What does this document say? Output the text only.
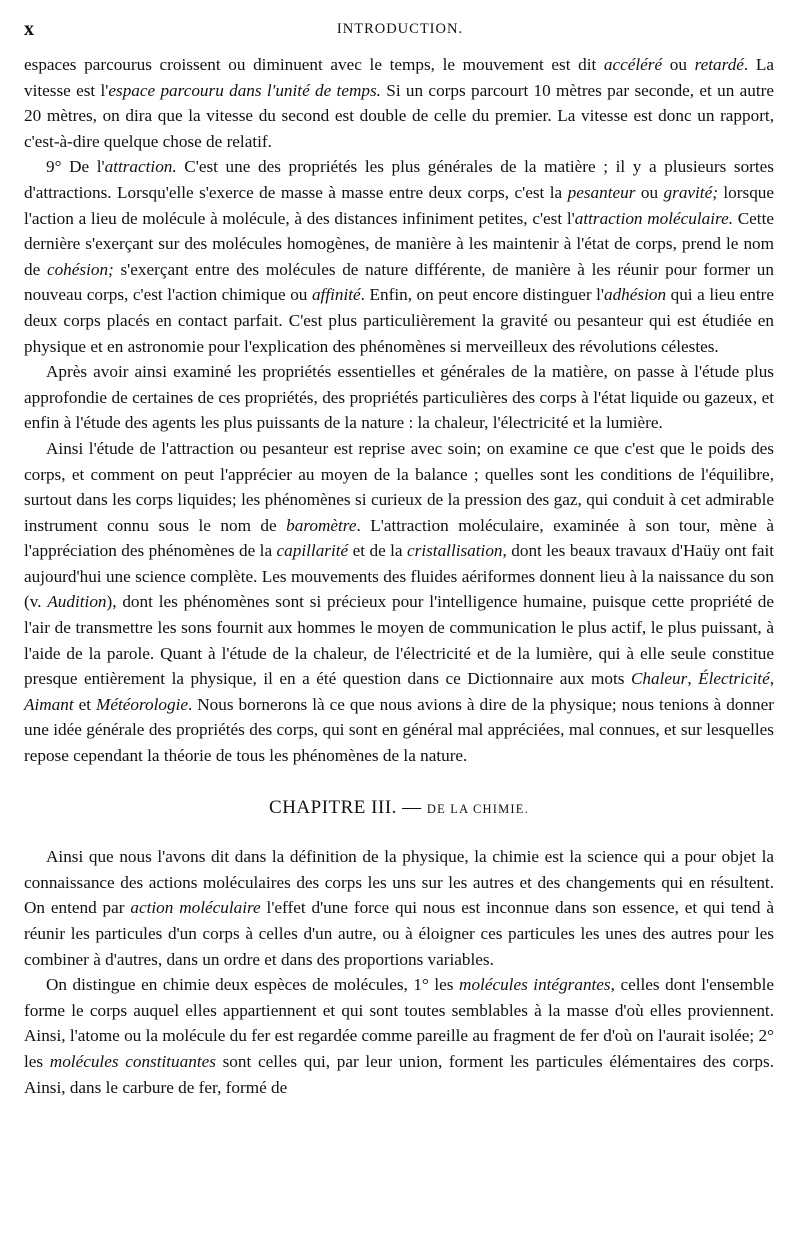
x	INTRODUCTION.

espaces parcourus croissent ou diminuent avec le temps, le mouvement est dit accéléré ou retardé. La vitesse est l'espace parcouru dans l'unité de temps. Si un corps parcourt 10 mètres par seconde, et un autre 20 mètres, on dira que la vitesse du second est double de celle du premier. La vitesse est donc un rapport, c'est-à-dire quelque chose de relatif.

9° De l'attraction. C'est une des propriétés les plus générales de la matière ; il y a plusieurs sortes d'attractions. Lorsqu'elle s'exerce de masse à masse entre deux corps, c'est la pesanteur ou gravité; lorsque l'action a lieu de molécule à molécule, à des distances infiniment petites, c'est l'attraction moléculaire. Cette dernière s'exerçant sur des molécules homogènes, de manière à les maintenir à l'état de corps, prend le nom de cohésion; s'exerçant entre des molécules de nature différente, de manière à les réunir pour former un nouveau corps, c'est l'action chimique ou affinité. Enfin, on peut encore distinguer l'adhésion qui a lieu entre deux corps placés en contact parfait. C'est plus particulièrement la gravité ou pesanteur qui est étudiée en physique et en astronomie pour l'explication des phénomènes si merveilleux des révolutions célestes.

Après avoir ainsi examiné les propriétés essentielles et générales de la matière, on passe à l'étude plus approfondie de certaines de ces propriétés, des propriétés particulières des corps à l'état liquide ou gazeux, et enfin à l'étude des agents les plus puissants de la nature : la chaleur, l'électricité et la lumière.

Ainsi l'étude de l'attraction ou pesanteur est reprise avec soin; on examine ce que c'est que le poids des corps, et comment on peut l'apprécier au moyen de la balance ; quelles sont les conditions de l'équilibre, surtout dans les corps liquides; les phénomènes si curieux de la pression des gaz, qui conduit à cet admirable instrument connu sous le nom de baromètre. L'attraction moléculaire, examinée à son tour, mène à l'appréciation des phénomènes de la capillarité et de la cristallisation, dont les beaux travaux d'Haüy ont fait aujourd'hui une science complète. Les mouvements des fluides aériformes donnent lieu à la naissance du son (v. Audition), dont les phénomènes sont si précieux pour l'intelligence humaine, puisque cette propriété de l'air de transmettre les sons fournit aux hommes le moyen de communication le plus actif, le plus puissant, à l'aide de la parole. Quant à l'étude de la chaleur, de l'électricité et de la lumière, qui à elle seule constitue presque entièrement la physique, il en a été question dans ce Dictionnaire aux mots Chaleur, Électricité, Aimant et Météorologie. Nous bornerons là ce que nous avions à dire de la physique; nous tenions à donner une idée générale des propriétés des corps, qui sont en général mal appréciées, mal connues, et sur lesquelles repose cependant la théorie de tous les phénomènes de la nature.

CHAPITRE III. — DE LA CHIMIE.

Ainsi que nous l'avons dit dans la définition de la physique, la chimie est la science qui a pour objet la connaissance des actions moléculaires des corps les uns sur les autres et des changements qui en résultent. On entend par action moléculaire l'effet d'une force qui nous est inconnue dans son essence, et qui tend à réunir les particules d'un corps à celles d'un autre, ou à éloigner ces particules les unes des autres pour les combiner à d'autres, dans un ordre et dans des proportions variables.

On distingue en chimie deux espèces de molécules, 1° les molécules intégrantes, celles dont l'ensemble forme le corps auquel elles appartiennent et qui sont toutes semblables à la masse d'où elles proviennent. Ainsi, l'atome ou la molécule du fer est regardée comme pareille au fragment de fer d'où on l'aurait isolée; 2° les molécules constituantes sont celles qui, par leur union, forment les particules élémentaires des corps. Ainsi, dans le carbure de fer, formé de
